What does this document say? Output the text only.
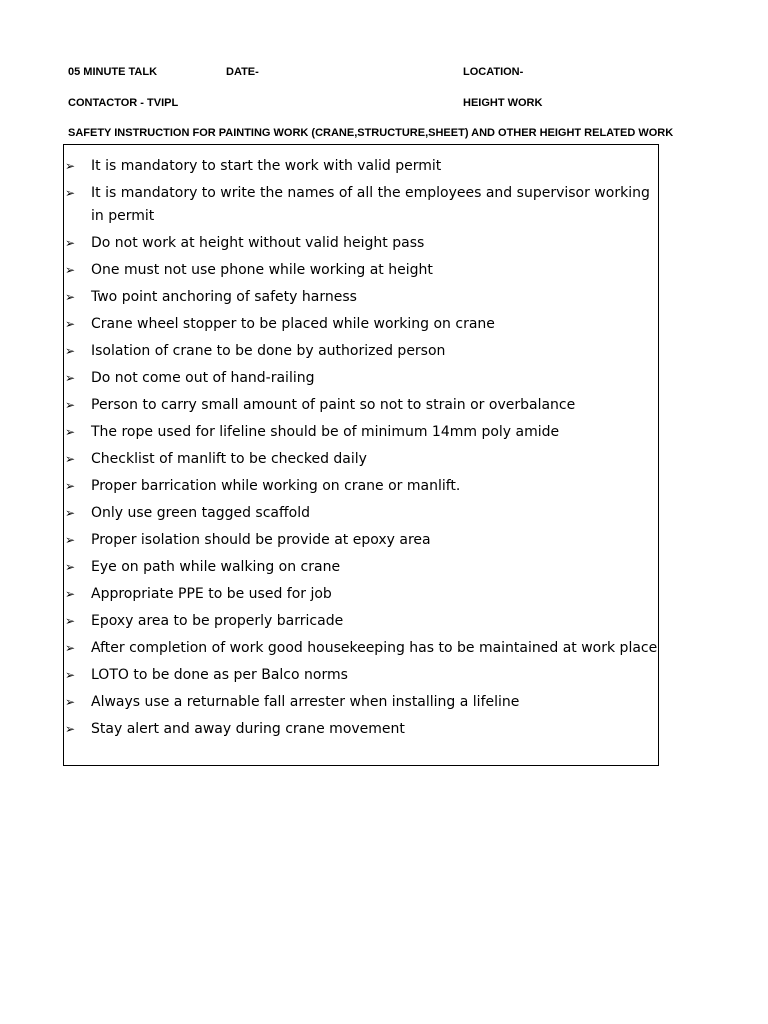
05 MINUTE TALK	DATE-	LOCATION-
CONTACTOR - TVIPL	HEIGHT WORK
SAFETY INSTRUCTION FOR PAINTING WORK (CRANE,STRUCTURE,SHEET) AND OTHER HEIGHT RELATED WORK
➢ It is mandatory to start the work with valid permit
➢ It is mandatory to write the names of all the employees and supervisor working in permit
➢ Do not work at height without valid height pass
➢ One must not use phone while working at height
➢ Two point anchoring of safety harness
➢ Crane wheel stopper to be placed while working on crane
➢ Isolation of crane to be done by authorized person
➢ Do not come out of hand-railing
➢ Person to carry small amount of paint so not to strain or overbalance
➢ The rope used for lifeline should be of minimum 14mm poly amide
➢ Checklist of manlift to be checked daily
➢ Proper barrication while working on crane or manlift.
➢ Only use green tagged scaffold
➢ Proper isolation should be provide at epoxy area
➢ Eye on path while walking on crane
➢ Appropriate PPE to be used for job
➢ Epoxy area to be properly barricade
➢ After completion of work good housekeeping has to be maintained at work place
➢ LOTO to be done as per Balco norms
➢ Always use a returnable fall arrester when installing a lifeline
➢ Stay alert and away during crane movement
